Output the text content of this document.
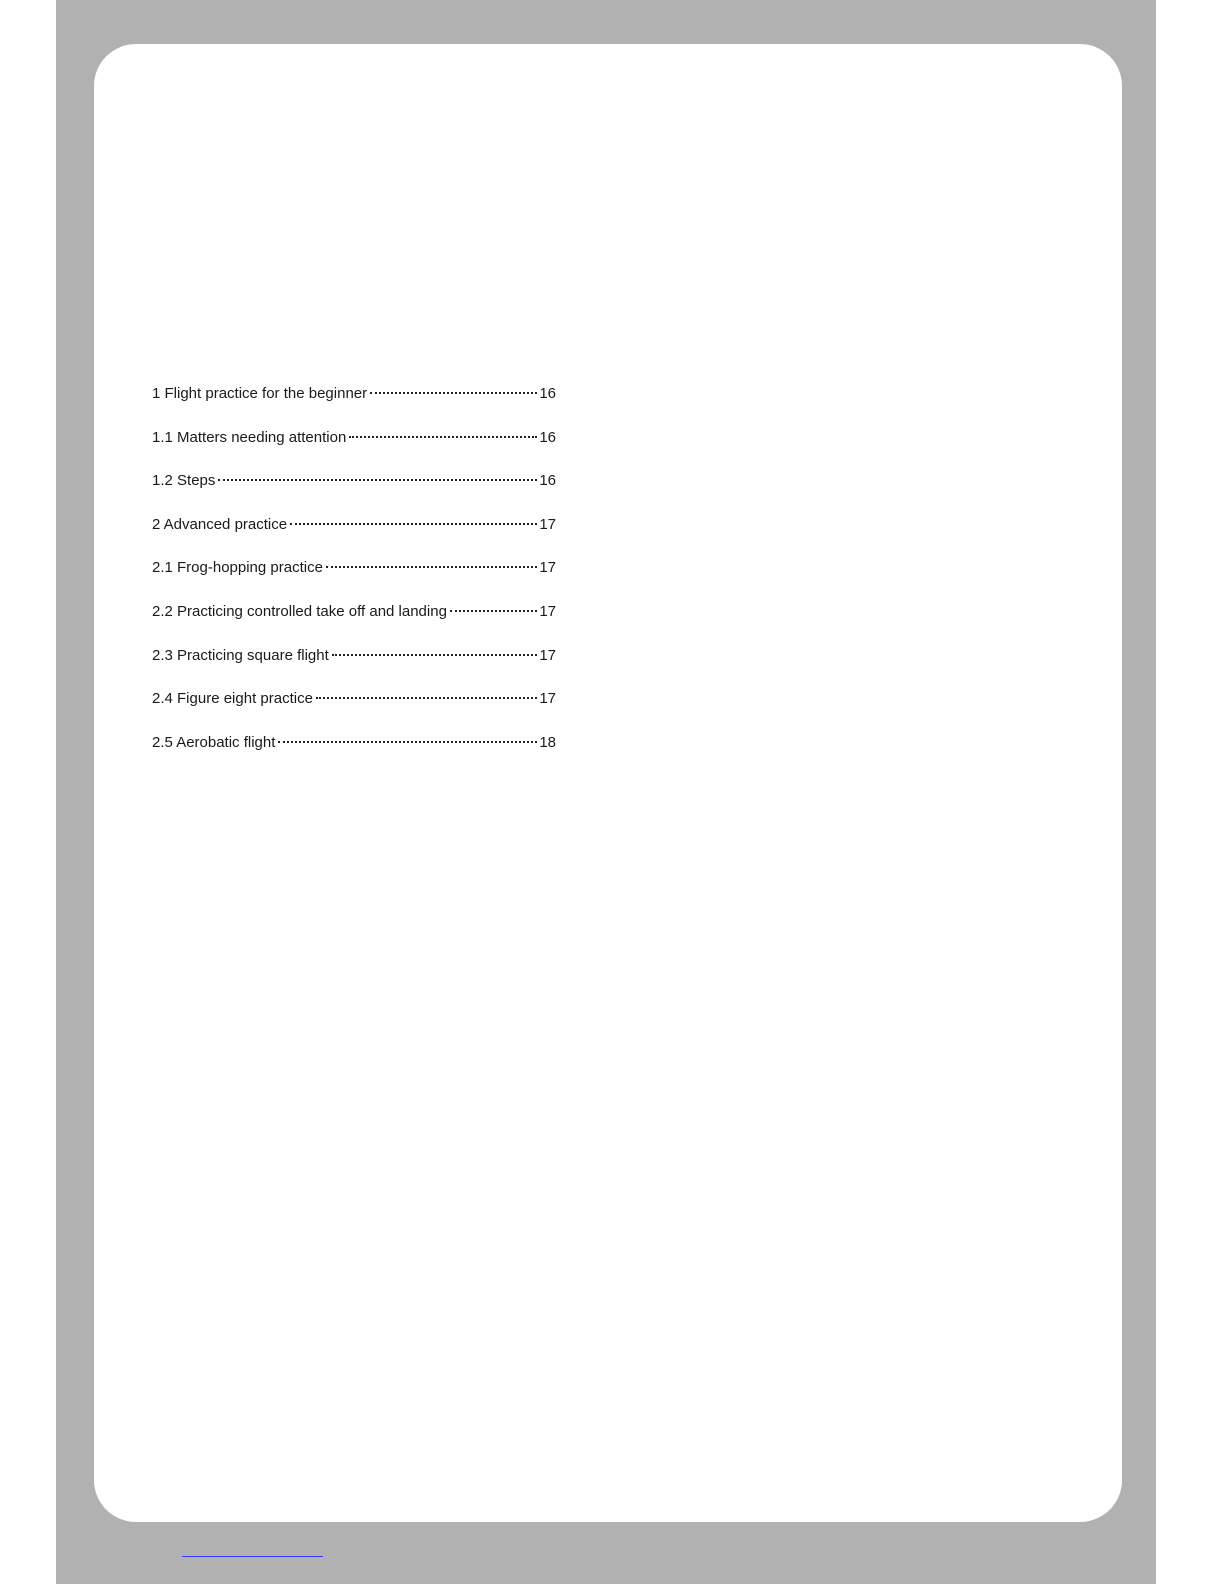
1 Flight practice for the beginner	16
1.1 Matters needing attention	16
1.2 Steps	16
2 Advanced practice	17
2.1 Frog-hopping practice	17
2.2 Practicing controlled take off and landing	17
2.3 Practicing square flight	17
2.4 Figure eight practice	17
2.5 Aerobatic flight	18
